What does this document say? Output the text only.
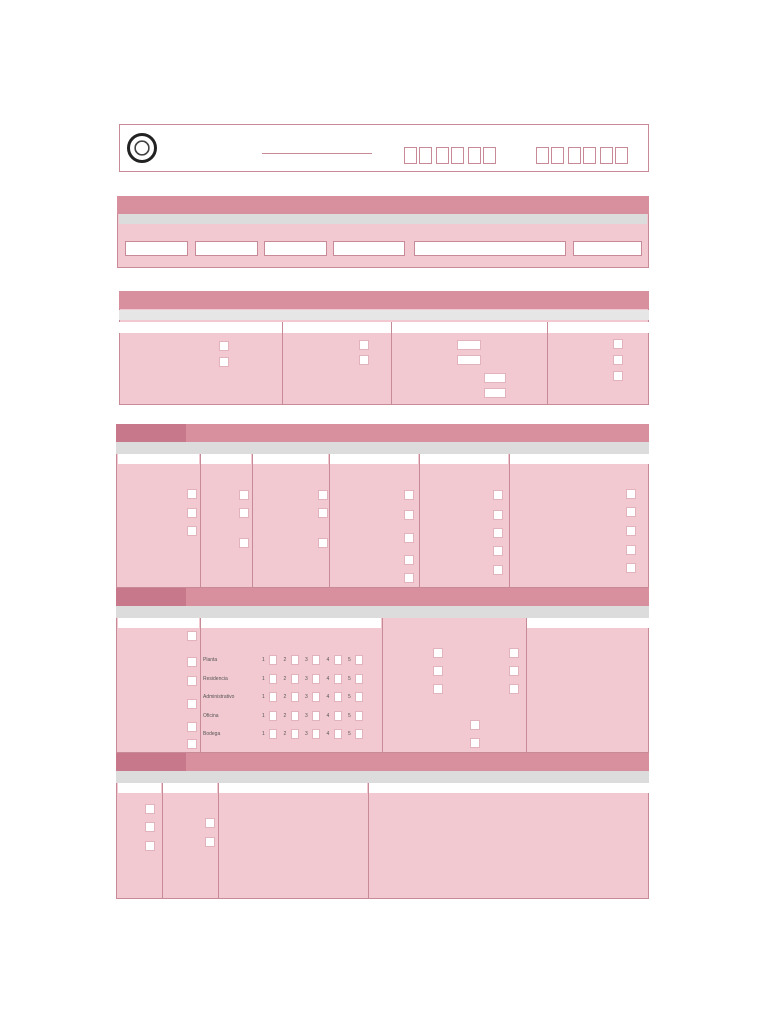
Planta	1	2	3	4	5
Residencia	1	2	3	4	5
Administrativo	1	2	3	4	5
Oficina	1	2	3	4	5
Bodega	1	2	3	4	5
